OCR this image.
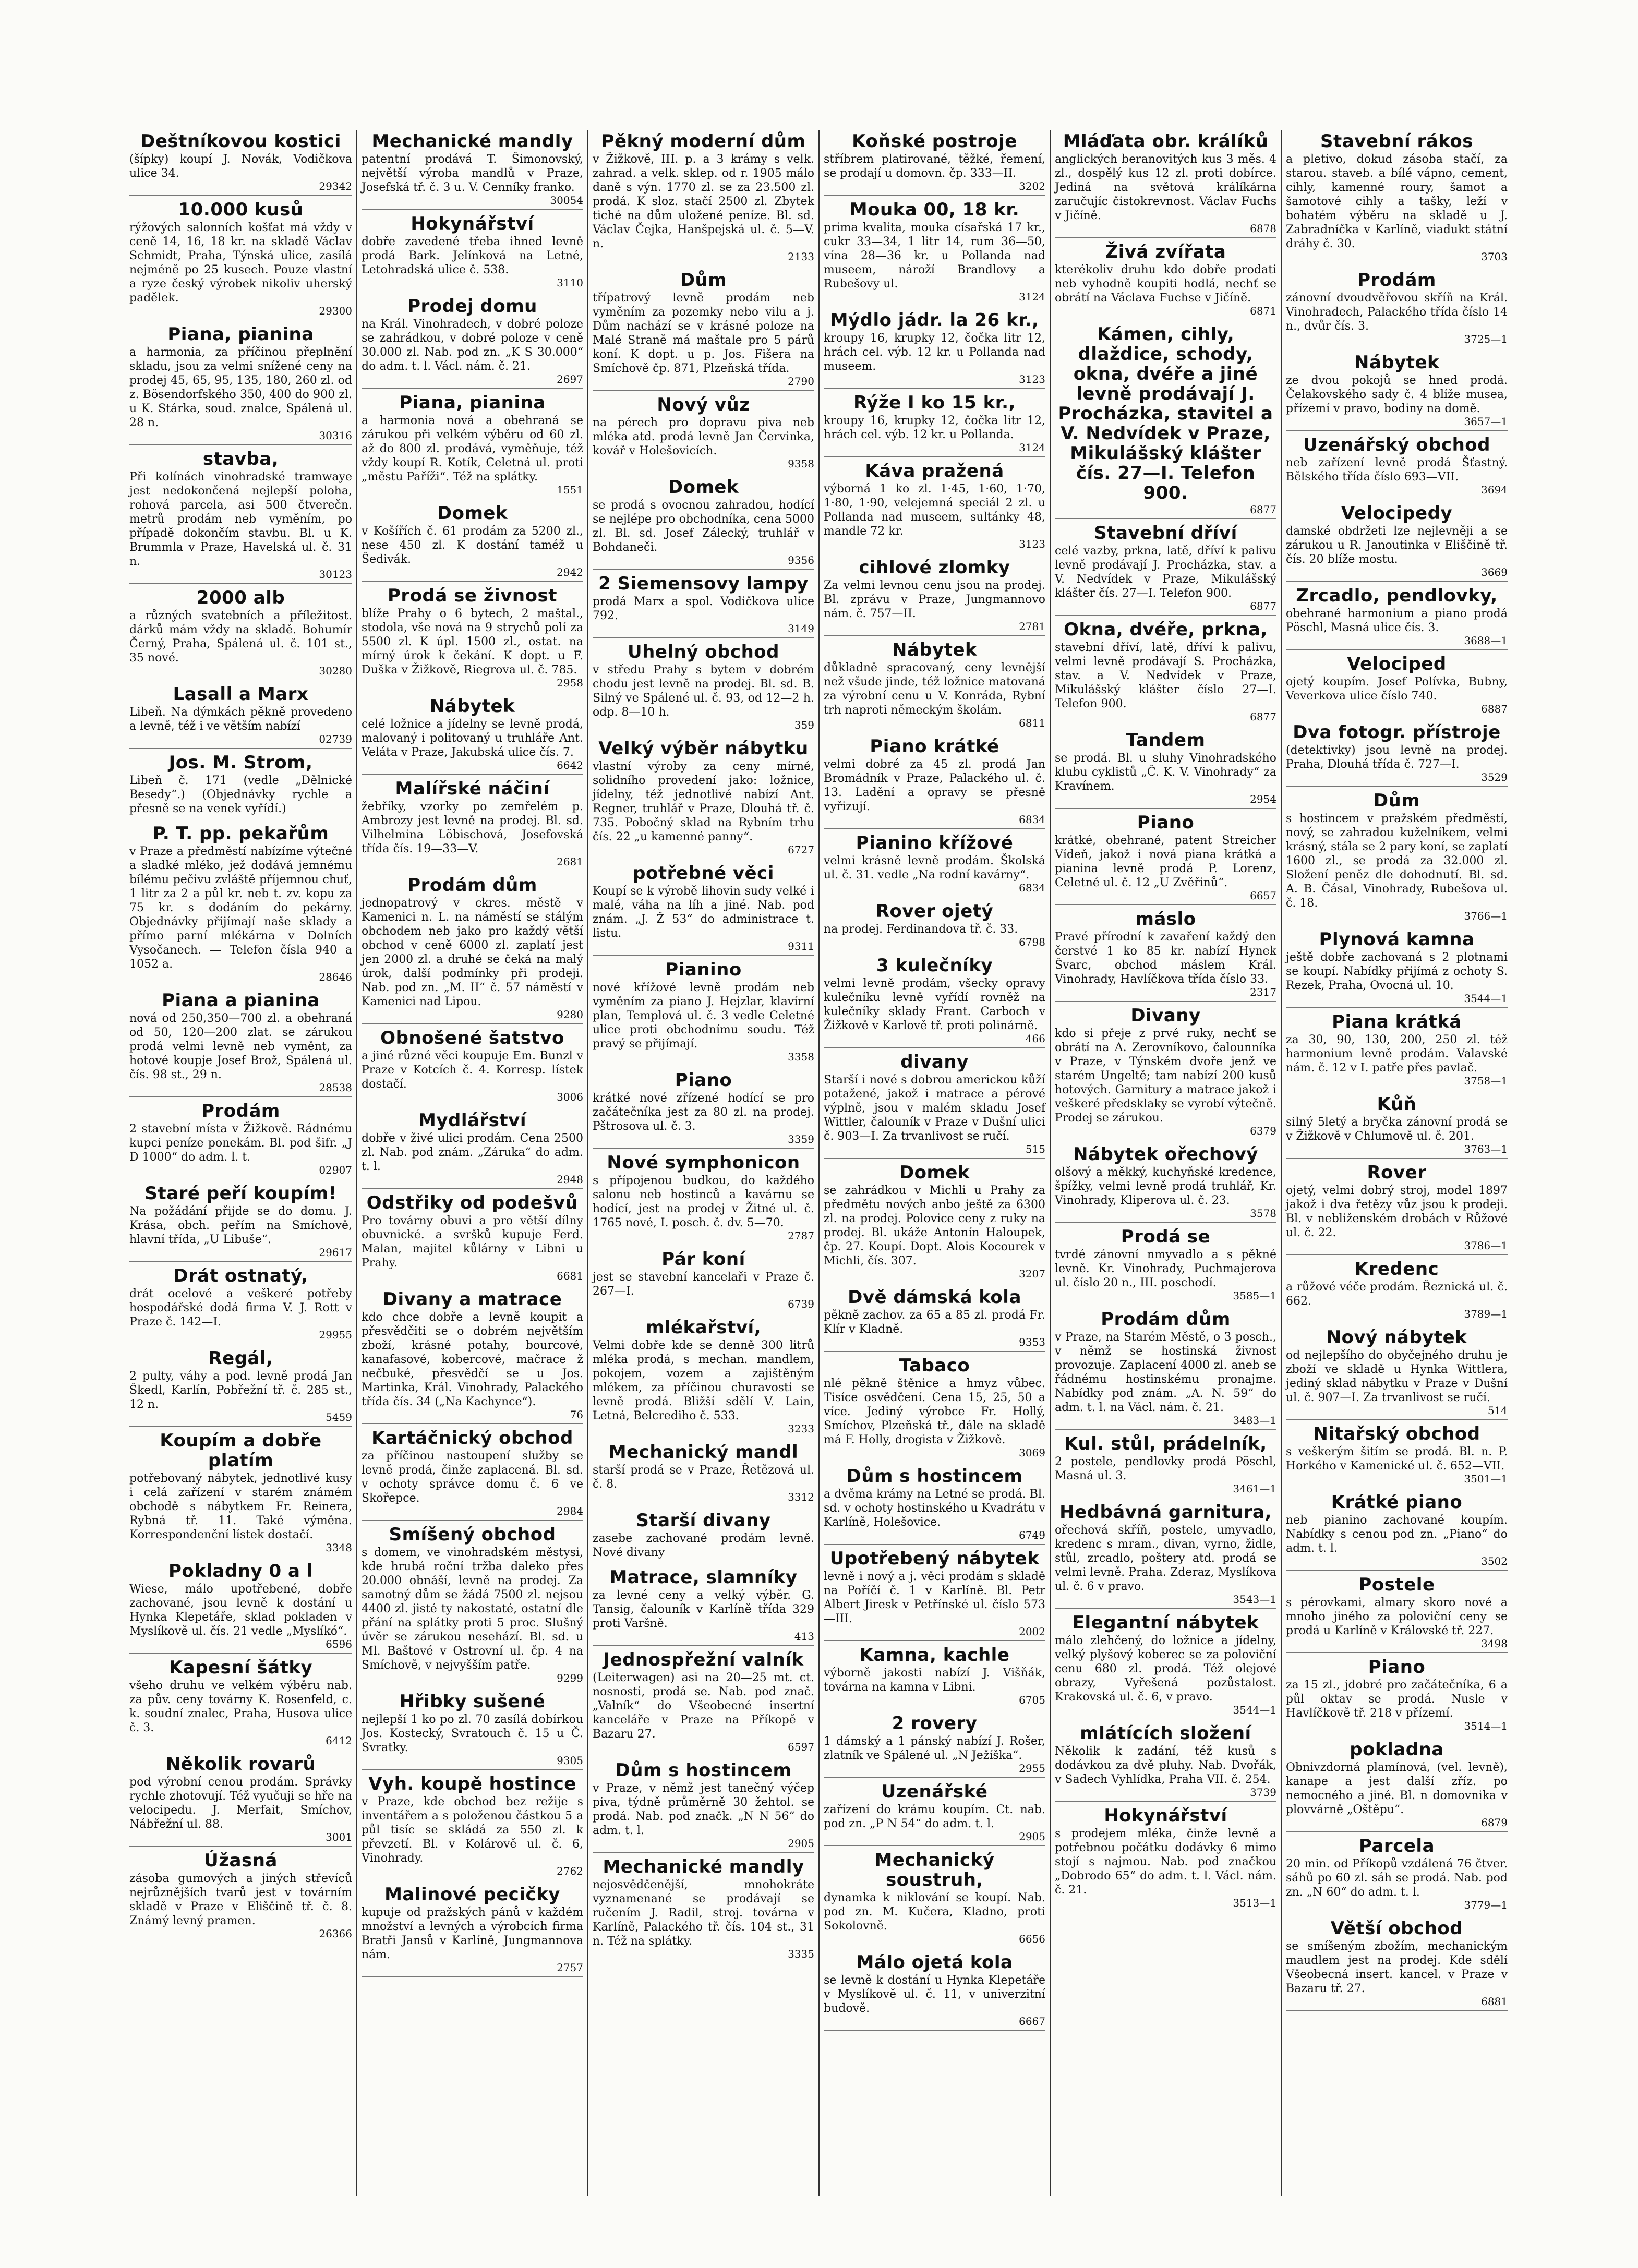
Deštníkovou kostici
(šípky) koupí J. Novák, Vodičkova ulice 34.
29342
10.000 kusů
rýžových salonních košťat má vždy v ceně 14, 16, 18 kr. na skladě Václav Schmidt, Praha, Týnská ulice, zasílá nejméně po 25 kusech. Pouze vlastní a ryze český výrobek nikoliv uherský padělek.
29300
Piana, pianina
a harmonia, za příčinou přeplnění skladu, jsou za velmi snížené ceny na prodej 45, 65, 95, 135, 180, 260 zl. od z. Bösendorfského 350, 400 do 900 zl. u K. Stárka, soud. znalce, Spálená ul. 28 n.
30316
stavba,
Při kolínách vinohradské tramwaye jest nedokončená nejlepší poloha, rohová parcela, asi 500 čtverečn. metrů prodám neb vyměním, po případě dokončím stavbu. Bl. u K. Brummla v Praze, Havelská ul. č. 31 n.
30123
2000 alb
a různých svatebních a příležitost. dárků mám vždy na skladě. Bohumír Černý, Praha, Spálená ul. č. 101 st., 35 nové.
30280
Lasall a Marx
Libeň. Na dýmkách pěkně provedeno a levně, též i ve větším nabízí
02739
Jos. M. Strom,
Libeň č. 171 (vedle „Dělnické Besedy“.) (Objednávky rychle a přesně se na venek vyřídí.)
P. T. pp. pekařům
v Praze a předměstí nabízíme výtečné a sladké mléko, jež dodává jemnému bílému pečivu zvláště příjemnou chuť, 1 litr za 2 a půl kr. neb t. zv. kopu za 75 kr. s dodáním do pekárny. Objednávky přijímají naše sklady a přímo parní mlékárna v Dolních Vysočanech. — Telefon čísla 940 a 1052 a.
28646
Piana a pianina
nová od 250,350—700 zl. a obehraná od 50, 120—200 zlat. se zárukou prodá velmi levně neb vyměnt, za hotové koupje Josef Brož, Spálená ul. čís. 98 st., 29 n.
28538
Prodám
2 stavební místa v Žižkově. Rádnému kupci peníze ponekám. Bl. pod šifr. „J D 1000“ do adm. l. t.
02907
Staré peří koupím!
Na požádání přijde se do domu. J. Krása, obch. peřím na Smíchově, hlavní třída, „U Libuše“.
29617
Drát ostnatý,
drát ocelové a veškeré potřeby hospodářské dodá firma V. J. Rott v Praze č. 142—I.
29955
Regál,
2 pulty, váhy a pod. levně prodá Jan Škedl, Karlín, Pobřežní tř. č. 285 st., 12 n.
5459
Koupím a dobře platím
potřebovaný nábytek, jednotlivé kusy i celá zařízení v starém známém obchodě s nábytkem Fr. Reinera, Rybná tř. 11. Také výměna. Korrespondenční lístek dostačí.
3348
Pokladny 0 a l
Wiese, málo upotřebené, dobře zachované, jsou levně k dostání u Hynka Klepetáře, sklad pokladen v Myslíkově ul. čís. 21 vedle „Myslíkó“.
6596
Kapesní šátky
všeho druhu ve velkém výběru nab. za pův. ceny továrny K. Rosenfeld, c. k. soudní znalec, Praha, Husova ulice č. 3.
6412
Několik rovarů
pod výrobní cenou prodám. Správky rychle zhotovují. Též vyučuji se hře na velocipedu. J. Merfait, Smíchov, Nábřežní ul. 88.
3001
Úžasná
zásoba gumových a jiných střevíců nejrůznějších tvarů jest v továrním skladě v Praze v Eliščině tř. č. 8. Známý levný pramen.
26366
Mechanické mandly
patentní prodává T. Šimonovský, největší výroba mandlů v Praze, Josefská tř. č. 3 u. V. Cenníky franko.
30054
Hokynářství
dobře zavedené třeba ihned levně prodá Bark. Jelínková na Letné, Letohradská ulice č. 538.
3110
Prodej domu
na Král. Vinohradech, v dobré poloze se zahrádkou, v dobré poloze v ceně 30.000 zl. Nab. pod zn. „K S 30.000“ do adm. t. l. Václ. nám. č. 21.
2697
Piana, pianina
a harmonia nová a obehraná se zárukou při velkém výběru od 60 zl. až do 800 zl. prodává, vyměňuje, též vždy koupí R. Kotík, Celetná ul. proti „městu Paříži“. Též na splátky.
1551
Domek
v Košířích č. 61 prodám za 5200 zl., nese 450 zl. K dostání taméž u Šedivák.
2942
Prodá se živnost
blíže Prahy o 6 bytech, 2 maštal., stodola, vše nová na 9 strychů polí za 5500 zl. K úpl. 1500 zl., ostat. na mírný úrok k čekání. K dopt. u F. Duška v Žižkově, Riegrova ul. č. 785.
2958
Nábytek
celé ložnice a jídelny se levně prodá, malovaný i politovaný u truhláře Ant. Veláta v Praze, Jakubská ulice čís. 7.
6642
Malířské náčiní
žebříky, vzorky po zemřelém p. Ambrozy jest levně na prodej. Bl. sd. Vilhelmina Löbischová, Josefovská třída čís. 19—33—V.
2681
Prodám dům
jednopatrový v ckres. městě v Kamenici n. L. na náměstí se stálým obchodem neb jako pro každý větší obchod v ceně 6000 zl. zaplatí jest jen 2000 zl. a druhé se čeká na malý úrok, další podmínky při prodeji. Nab. pod zn. „M. II“ č. 57 náměstí v Kamenici nad Lipou.
9280
Obnošené šatstvo
a jiné různé věci koupuje Em. Bunzl v Praze v Kotcích č. 4. Korresp. lístek dostačí.
3006
Mydlářství
dobře v živé ulici prodám. Cena 2500 zl. Nab. pod znám. „Záruka“ do adm. t. l.
2948
Odstřiky od podešvů
Pro továrny obuvi a pro větší dílny obuvnické. a svršků kupuje Ferd. Malan, majitel kůlárny v Libni u Prahy.
6681
Divany a matrace
kdo chce dobře a levně koupit a přesvědčiti se o dobrém největším zboží, krásné potahy, bourcové, kanafasové, kobercové, mačrace ž nečbuké, přesvědčí se u Jos. Martinka, Král. Vinohrady, Palackého třída čís. 34 („Na Kachynce“).
76
Kartáčnický obchod
za příčinou nastoupení služby se levně prodá, činže zaplacená. Bl. sd. v ochoty správce domu č. 6 ve Skořepce.
2984
Smíšený obchod
s domem, ve vinohradském městysi, kde hrubá roční tržba daleko přes 20.000 obnáší, levně na prodej. Za samotný dům se žádá 7500 zl. nejsou 4400 zl. jisté ty nakostaté, ostatní dle přání na splátky proti 5 proc. Slušný úvěr se zárukou nesehází. Bl. sd. u Ml. Baštové v Ostrovní ul. čp. 4 na Smíchově, v nejvyšším patře.
9299
Hřibky sušené
nejlepší 1 ko po zl. 70 zasílá dobírkou Jos. Kostecký, Svratouch č. 15 u Č. Svratky.
9305
Vyh. koupě hostince
v Praze, kde obchod bez režije s inventářem a s položenou částkou 5 a půl tisíc se skládá za 550 zl. k převzetí. Bl. v Kolárově ul. č. 6, Vinohrady.
2762
Malinové pecičky
kupuje od pražských pánů v každém množství a levných a výrobcích firma Bratři Jansů v Karlíně, Jungmannova nám.
2757
Pěkný moderní dům
v Žižkově, III. p. a 3 krámy s velk. zahrad. a velk. sklep. od r. 1905 málo daně s výn. 1770 zl. se za 23.500 zl. prodá. K sloz. stačí 2500 zl. Zbytek tiché na dům uložené peníze. Bl. sd. Václav Čejka, Hanšpejská ul. č. 5—V. n.
2133
Dům
třípatrový levně prodám neb vyměním za pozemky nebo vilu a j. Dům nachází se v krásné poloze na Malé Straně má maštale pro 5 párů koní. K dopt. u p. Jos. Fišera na Smíchově čp. 871, Plzeňská třída.
2790
Nový vůz
na pérech pro dopravu piva neb mléka atd. prodá levně Jan Červinka, kovář v Holešovicích.
9358
Domek
se prodá s ovocnou zahradou, hodící se nejlépe pro obchodníka, cena 5000 zl. Bl. sd. Josef Zálecký, truhlář v Bohdaneči.
9356
2 Siemensovy lampy
prodá Marx a spol. Vodičkova ulice 792.
3149
Uhelný obchod
v středu Prahy s bytem v dobrém chodu jest levně na prodej. Bl. sd. B. Silný ve Spálené ul. č. 93, od 12—2 h. odp. 8—10 h.
359
Velký výběr nábytku
vlastní výroby za ceny mírné, solidního provedení jako: ložnice, jídelny, též jednotlivé nabízí Ant. Regner, truhlář v Praze, Dlouhá tř. č. 735. Pobočný sklad na Rybním trhu čís. 22 „u kamenné panny“.
6727
potřebné věci
Koupí se k výrobě lihovin sudy velké i malé, váha na líh a jiné. Nab. pod znám. „J. Ž 53“ do administrace t. listu.
9311
Pianino
nové křížové levně prodám neb vyměním za piano J. Hejzlar, klavírní plan, Templová ul. č. 3 vedle Celetné ulice proti obchodnímu soudu. Též pravý se přijímají.
3358
Piano
krátké nové zřízené hodící se pro začátečníka jest za 80 zl. na prodej. Pštrosova ul. č. 3.
3359
Nové symphonicon
s přípojenou budkou, do každého salonu neb hostinců a kavárnu se hodící, jest na prodej v Žitné ul. č. 1765 nové, I. posch. č. dv. 5—70.
2787
Pár koní
jest se stavební kancelaři v Praze č. 267—I.
6739
mlékařství,
Velmi dobře kde se denně 300 litrů mléka prodá, s mechan. mandlem, pokojem, vozem a zajištěným mlékem, za příčinou churavosti se levně prodá. Bližší sdělí V. Lain, Letná, Belcrediho č. 533.
3233
Mechanický mandl
starší prodá se v Praze, Řetězová ul. č. 8.
3312
Starší divany
zasebe zachované prodám levně. Nové divany
Matrace, slamníky
za levné ceny a velký výběr. G. Tansig, čalouník v Karlíně třída 329 proti Varšně.
413
Jednospřežní valník
(Leiterwagen) asi na 20—25 mt. ct. nosnosti, prodá se. Nab. pod znač. „Valník“ do Všeobecné insertní kanceláře v Praze na Příkopě v Bazaru 27.
6597
Dům s hostincem
v Praze, v němž jest tanečný výčep piva, týdně průměrně 30 žehtol. se prodá. Nab. pod značk. „N N 56“ do adm. t. l.
2905
Mechanické mandly
nejosvědčenější, mnohokráte vyznamenané se prodávají se ručením J. Radil, stroj. továrna v Karlíně, Palackého tř. čís. 104 st., 31 n. Též na splátky.
3335
Koňské postroje
stříbrem platirované, těžké, řemení, se prodají u domovn. čp. 333—II.
3202
Mouka 00, 18 kr.
prima kvalita, mouka císařská 17 kr., cukr 33—34, 1 litr 14, rum 36—50, vína 28—36 kr. u Pollanda nad museem, nároží Brandlovy a Rubešovy ul.
3124
Mýdlo jádr. la 26 kr.,
kroupy 16, krupky 12, čočka litr 12, hrách cel. výb. 12 kr. u Pollanda nad museem.
3123
Rýže I ko 15 kr.,
kroupy 16, krupky 12, čočka litr 12, hrách cel. výb. 12 kr. u Pollanda.
3124
Káva pražená
výborná 1 ko zl. 1·45, 1·60, 1·70, 1·80, 1·90, velejemná speciál 2 zl. u Pollanda nad museem, sultánky 48, mandle 72 kr.
3123
cihlové zlomky
Za velmi levnou cenu jsou na prodej. Bl. zprávu v Praze, Jungmannovo nám. č. 757—II.
2781
Nábytek
důkladně spracovaný, ceny levnější než všude jinde, též ložnice matovaná za výrobní cenu u V. Konráda, Rybní trh naproti německým školám.
6811
Piano krátké
velmi dobré za 45 zl. prodá Jan Bromádník v Praze, Palackého ul. č. 13. Ladění a opravy se přesně vyřizují.
6834
Pianino křížové
velmi krásně levně prodám. Školská ul. č. 31. vedle „Na rodní kavárny“.
6834
Rover ojetý
na prodej. Ferdinandova tř. č. 33.
6798
3 kulečníky
velmi levně prodám, všecky opravy kulečníku levně vyřídí rovněž na kulečníky sklady Frant. Carboch v Žižkově v Karlově tř. proti polinárně.
466
divany
Starší i nové s dobrou americkou kůží potažené, jakož i matrace a pérové výplně, jsou v malém skladu Josef Wittler, čalouník v Praze v Dušní ulici č. 903—I. Za trvanlivost se ručí.
515
Domek
se zahrádkou v Michli u Prahy za předmětu nových anbo ještě za 6300 zl. na prodej. Polovice ceny z ruky na prodej. Bl. ukáže Antonín Haloupek, čp. 27. Koupí. Dopt. Alois Kocourek v Michli, čís. 307.
3207
Dvě dámská kola
pěkně zachov. za 65 a 85 zl. prodá Fr. Klír v Kladně.
9353
Tabaco
nlé pěkně štěnice a hmyz vůbec. Tisíce osvědčení. Cena 15, 25, 50 a více. Jediný výrobce Fr. Hollý, Smíchov, Plzeňská tř., dále na skladě má F. Holly, drogista v Žižkově.
3069
Dům s hostincem
a dvěma krámy na Letné se prodá. Bl. sd. v ochoty hostinského u Kvadrátu v Karlíně, Holešovice.
6749
Upotřebený nábytek
levně i nový a j. věci prodám s skladě na Poříčí č. 1 v Karlíně. Bl. Petr Albert Jiresk v Petřínské ul. číslo 573—III.
2002
Kamna, kachle
výborně jakosti nabízí J. Višňák, továrna na kamna v Libni.
6705
2 rovery
1 dámský a 1 pánský nabízí J. Rošer, zlatník ve Spálené ul. „N Ježíška“.
2955
Uzenářské
zařízení do krámu koupím. Ct. nab. pod zn. „P N 54“ do adm. t. l.
2905
Mechanický soustruh,
dynamka k niklování se koupí. Nab. pod zn. M. Kučera, Kladno, proti Sokolovně.
6656
Málo ojetá kola
se levně k dostání u Hynka Klepetáře v Myslíkově ul. č. 11, v univerzitní budově.
6667
Mláďata obr. králíků
anglických beranovitých kus 3 měs. 4 zl., dospělý kus 12 zl. proti dobírce. Jediná na světová králíkárna zaručujíc čistokrevnost. Václav Fuchs v Jičíně.
6878
Živá zvířata
kterékoliv druhu kdo dobře prodati neb vyhodně koupiti hodlá, nechť se obrátí na Václava Fuchse v Jičíně.
6871
Kámen, cihly, dlaždice, schody, okna, dvéře a jiné levně prodávají J. Procházka, stavitel a V. Nedvídek v Praze, Mikulášský klášter čís. 27—I. Telefon 900.
6877
Stavební dříví
celé vazby, prkna, latě, dříví k palivu levně prodávají J. Procházka, stav. a V. Nedvídek v Praze, Mikulášský klášter čís. 27—I. Telefon 900.
6877
Okna, dvéře, prkna,
stavební dříví, latě, dříví k palivu, velmi levně prodávají S. Procházka, stav. a V. Nedvídek v Praze, Mikulášský klášter číslo 27—I. Telefon 900.
6877
Tandem
se prodá. Bl. u sluhy Vinohradského klubu cyklistů „Č. K. V. Vinohrady“ za Kravínem.
2954
Piano
krátké, obehrané, patent Streicher Vídeň, jakož i nová piana krátká a pianina levně prodá P. Lorenz, Celetné ul. č. 12 „U Zvěřinů“.
6657
máslo
Pravé přírodní k zavaření každý den čerstvé 1 ko 85 kr. nabízí Hynek Švarc, obchod máslem Král. Vinohrady, Havlíčkova třída číslo 33.
2317
Divany
kdo si přeje z prvé ruky, nechť se obrátí na A. Zerovníkovo, čalounníka v Praze, v Týnském dvoře jenž ve starém Ungeltě; tam nabízí 200 kusů hotových. Garnitury a matrace jakož i veškeré předsklaky se vyrobí výtečně. Prodej se zárukou.
6379
Nábytek ořechový
olšový a měkký, kuchyňské kredence, špížky, velmi levně prodá truhlář, Kr. Vinohrady, Kliperova ul. č. 23.
3578
Prodá se
tvrdé zánovní nmyvadlo a s pěkné levně. Kr. Vinohrady, Puchmajerova ul. číslo 20 n., III. poschodí.
3585—1
Prodám dům
v Praze, na Starém Městě, o 3 posch., v němž se hostinská živnost provozuje. Zaplacení 4000 zl. aneb se řádnému hostinskému pronajme. Nabídky pod znám. „A. N. 59“ do adm. t. l. na Václ. nám. č. 21.
3483—1
Kul. stůl, prádelník,
2 postele, pendlovky prodá Pöschl, Masná ul. 3.
3461—1
Hedbávná garnitura,
ořechová skříň, postele, umyvadlo, kredenc s mram., divan, vyrno, židle, stůl, zrcadlo, poštery atd. prodá se velmi levně. Praha. Zderaz, Myslíkova ul. č. 6 v pravo.
3543—1
Elegantní nábytek
málo zlehčený, do ložnice a jídelny, velký plyšový koberec se za poloviční cenu 680 zl. prodá. Též olejové obrazy, Vyřešená pozůstalost. Krakovská ul. č. 6, v pravo.
3544—1
mlátících složení
Několik k zadání, též kusů s dodávkou za dvě pluhy. Nab. Dvořák, v Sadech Vyhlídka, Praha VII. č. 254.
3739
Hokynářství
s prodejem mléka, činže levně a potřebnou počátku dodávky 6 mimo stojí s najmou. Nab. pod značkou „Dobrodo 65“ do adm. t. l. Václ. nám. č. 21.
3513—1
Stavební rákos
a pletivo, dokud zásoba stačí, za starou. staveb. a bílé vápno, cement, cihly, kamenné roury, šamot a šamotové cihly a tašky, leží v bohatém výběru na skladě u J. Zabradníčka v Karlíně, viadukt státní dráhy č. 30.
3703
Prodám
zánovní dvoudvěřovou skříň na Král. Vinohradech, Palackého třída číslo 14 n., dvůr čís. 3.
3725—1
Nábytek
ze dvou pokojů se hned prodá. Čelakovského sady č. 4 blíže musea, přízemí v pravo, bodiny na domě.
3657—1
Uzenářský obchod
neb zařízení levně prodá Šťastný. Bělského třída číslo 693—VII.
3694
Velocipedy
damské obdržeti lze nejlevněji a se zárukou u R. Janoutinka v Eliščině tř. čís. 20 blíže mostu.
3669
Zrcadlo, pendlovky,
obehrané harmonium a piano prodá Pöschl, Masná ulice čís. 3.
3688—1
Velociped
ojetý koupím. Josef Polívka, Bubny, Veverkova ulice číslo 740.
6887
Dva fotogr. přístroje
(detektivky) jsou levně na prodej. Praha, Dlouhá třída č. 727—I.
3529
Dům
s hostincem v pražském předměstí, nový, se zahradou kuželníkem, velmi krásný, stála se 2 pary koní, se zaplatí 1600 zl., se prodá za 32.000 zl. Složení peněz dle dohodnutí. Bl. sd. A. B. Čásal, Vinohrady, Rubešova ul. č. 18.
3766—1
Plynová kamna
ještě dobře zachovaná s 2 plotnami se koupí. Nabídky přijímá z ochoty S. Rezek, Praha, Ovocná ul. 10.
3544—1
Piana krátká
za 30, 90, 130, 200, 250 zl. též harmonium levně prodám. Valavské nám. č. 12 v I. patře přes pavlač.
3758—1
Kůň
silný 5letý a bryčka zánovní prodá se v Žižkově v Chlumově ul. č. 201.
3763—1
Rover
ojetý, velmi dobrý stroj, model 1897 jakož i dva řetězy vůz jsou k prodeji. Bl. v nebliženském drobách v Růžové ul. č. 22.
3786—1
Kredenc
a růžové véče prodám. Řeznická ul. č. 662.
3789—1
Nový nábytek
od nejlepšího do obyčejného druhu je zboží ve skladě u Hynka Wittlera, jediný sklad nábytku v Praze v Dušní ul. č. 907—I. Za trvanlivost se ručí.
514
Nitařský obchod
s veškerým šitím se prodá. Bl. n. P. Horkého v Kamenické ul. č. 652—VII.
3501—1
Krátké piano
neb pianino zachované koupím. Nabídky s cenou pod zn. „Piano“ do adm. t. l.
3502
Postele
s pérovkami, almary skoro nové a mnoho jiného za poloviční ceny se prodá u Karlíně v Královské tř. 227.
3498
Piano
za 15 zl., jdobré pro začátečníka, 6 a půl oktav se prodá. Nusle v Havlíčkově tř. 218 v přízemí.
3514—1
pokladna
Obnivzdorná plamínová, (vel. levně), kanape a jest další zříz. po nemocného a jiné. Bl. n domovnika v plovvárně „Oštěpu“.
6879
Parcela
20 min. od Příkopů vzdálená 76 čtver. sáhů po 60 zl. sáh se prodá. Nab. pod zn. „N 60“ do adm. t. l.
3779—1
Větší obchod
se smíšeným zbožím, mechanickým maudlem jest na prodej. Kde sdělí Všeobecná insert. kancel. v Praze v Bazaru tř. 27.
6881
